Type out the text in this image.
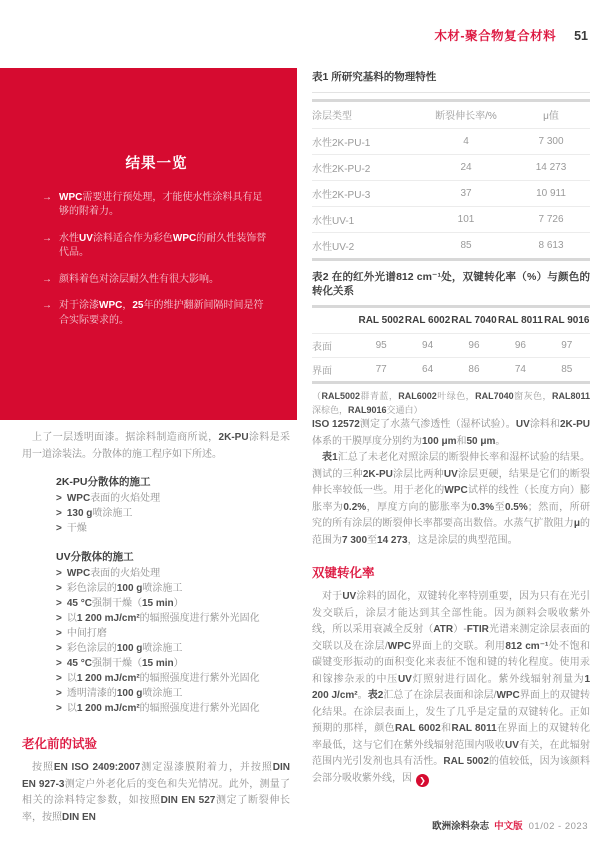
木材-聚合物复合材料 51
结果一览
→ WPC需要进行预处理，才能使水性涂料具有足够的附着力。
→ 水性UV涂料适合作为彩色WPC的耐久性装饰替代品。
→ 颜料着色对涂层耐久性有很大影响。
→ 对于涂漆WPC，25年的维护翻新间隔时间是符合实际要求的。

上了一层透明面漆。据涂料制造商所说，2K-PU涂料是采用一道涂装法。分散体的施工程序如下所述。

2K-PU分散体的施工
> WPC表面的火焰处理
> 130 g喷涂施工
> 干燥
UV分散体的施工
> WPC表面的火焰处理
> 彩色涂层的100 g喷涂施工
> 45 °C强制干燥（15 min）
> 以1 200 mJ/cm²的辐照强度进行紫外光固化
> 中间打磨
> 彩色涂层的100 g喷涂施工
> 45 °C强制干燥（15 min）
> 以1 200 mJ/cm²的辐照强度进行紫外光固化
> 透明清漆的100 g喷涂施工
> 以1 200 mJ/cm²的辐照强度进行紫外光固化
老化前的试验

按照EN ISO 2409:2007测定湿漆膜附着力，并按照DIN EN 927-3测定户外老化后的变色和失光情况。此外，测量了相关的涂料特定参数，如按照DIN EN 527测定了断裂伸长率，按照DIN EN

表1 所研究基料的物理特性
涂层类型	断裂伸长率/%	μ值
水性2K-PU-1	4	7 300
水性2K-PU-2	24	14 273
水性2K-PU-3	37	10 911
水性UV-1	101	7 726
水性UV-2	85	8 613
表2 在的红外光谱812 cm⁻¹处，双键转化率（%）与颜色的转化关系
RAL 5002 RAL 6002 RAL 7040 RAL 8011 RAL 9016
表面	95	94	96	96	97
界面	77	64	86	74	85

（RAL5002群青蓝，RAL6002叶绿色，RAL7040窗灰色，RAL8011深棕色，RAL9016交通白）

ISO 12572测定了水蒸气渗透性（湿杯试验）。UV涂料和2K-PU体系的干膜厚度分别约为100 μm和50 μm。

表1汇总了未老化对照涂层的断裂伸长率和湿杯试验的结果。测试的三种2K-PU涂层比两种UV涂层更硬，结果是它们的断裂伸长率较低一些。用于老化的WPC试样的线性（长度方向）膨胀率为0.2%，厚度方向的膨胀率为0.3%至0.5%；然而，所研究的所有涂层的断裂伸长率都要高出数倍。水蒸气扩散阻力μ的范围为7 300至14 273，这是涂层的典型范围。

双键转化率

对于UV涂料的固化，双键转化率特别重要，因为只有在光引发交联后，涂层才能达到其全部性能。因为颜料会吸收紫外线，所以采用衰减全反射（ATR）-FTIR光谱来测定涂层表面的交联以及在涂层/WPC界面上的交联。利用812 cm⁻¹处不饱和碳键变形振动的面积变化来表征不饱和键的转化程度。使用汞和镓掺杂汞的中压UV灯照射进行固化。紫外线辐射剂量为1 200 J/cm²。表2汇总了在涂层表面和涂层/WPC界面上的双键转化结果。在涂层表面上，发生了几乎是定量的双键转化。正如预期的那样，颜色RAL 6002和RAL 8011在界面上的双键转化率最低，这与它们在紫外线辐射范围内吸收UV有关，在此辐射范围内光引发剂也具有活性。RAL 5002的值较低，因为该颜料会部分吸收紫外线，因 ❯

欧洲涂料杂志 中文版 01/02 - 2023
